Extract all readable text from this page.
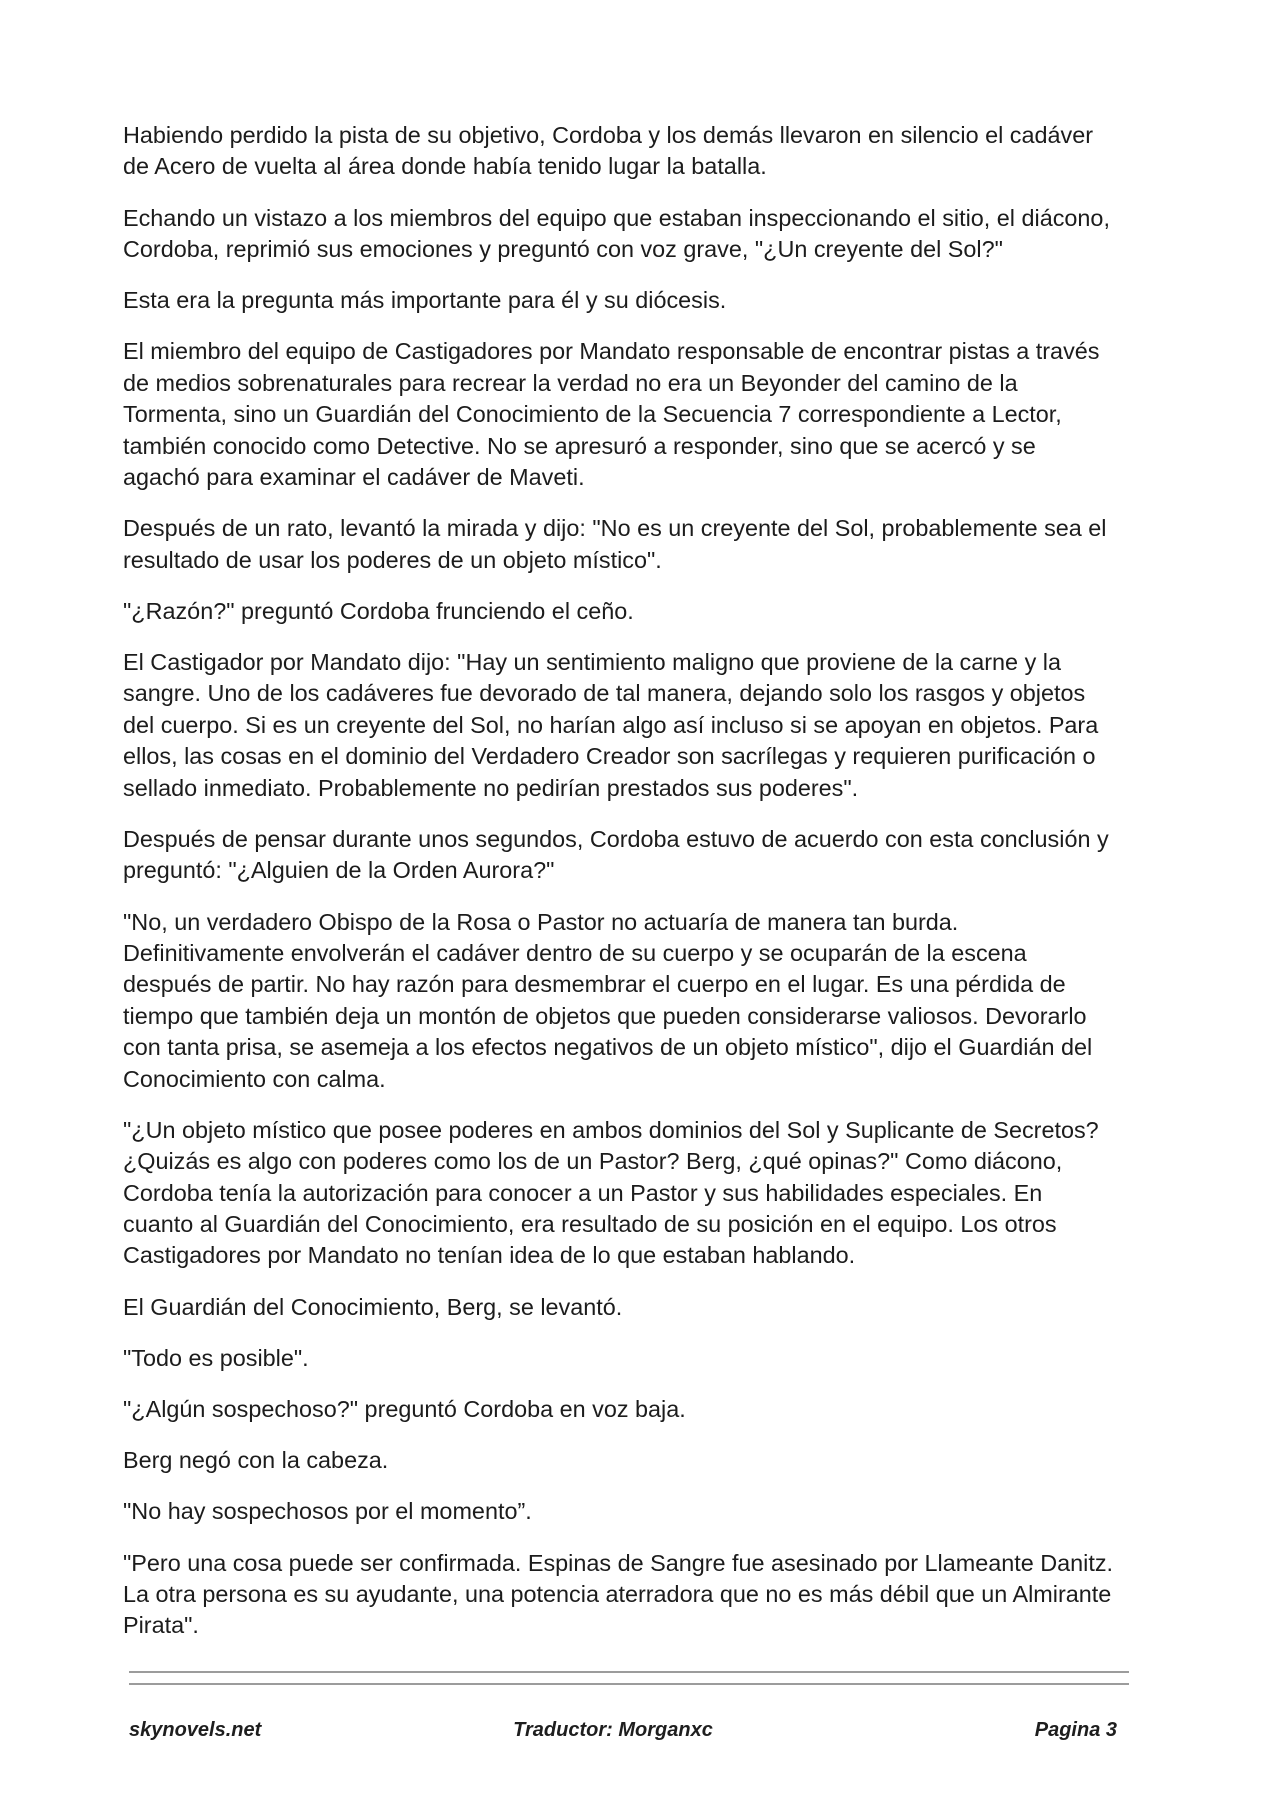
Habiendo perdido la pista de su objetivo, Cordoba y los demás llevaron en silencio el cadáver
de Acero de vuelta al área donde había tenido lugar la batalla.

Echando un vistazo a los miembros del equipo que estaban inspeccionando el sitio, el diácono,
Cordoba, reprimió sus emociones y preguntó con voz grave, "¿Un creyente del Sol?"

Esta era la pregunta más importante para él y su diócesis.

El miembro del equipo de Castigadores por Mandato responsable de encontrar pistas a través
de medios sobrenaturales para recrear la verdad no era un Beyonder del camino de la
Tormenta, sino un Guardián del Conocimiento de la Secuencia 7 correspondiente a Lector,
también conocido como Detective. No se apresuró a responder, sino que se acercó y se
agachó para examinar el cadáver de Maveti.

Después de un rato, levantó la mirada y dijo: "No es un creyente del Sol, probablemente sea el
resultado de usar los poderes de un objeto místico".

"¿Razón?" preguntó Cordoba frunciendo el ceño.

El Castigador por Mandato dijo: "Hay un sentimiento maligno que proviene de la carne y la
sangre. Uno de los cadáveres fue devorado de tal manera, dejando solo los rasgos y objetos
del cuerpo. Si es un creyente del Sol, no harían algo así incluso si se apoyan en objetos. Para
ellos, las cosas en el dominio del Verdadero Creador son sacrílegas y requieren purificación o
sellado inmediato. Probablemente no pedirían prestados sus poderes".

Después de pensar durante unos segundos, Cordoba estuvo de acuerdo con esta conclusión y
preguntó: "¿Alguien de la Orden Aurora?"

"No, un verdadero Obispo de la Rosa o Pastor no actuaría de manera tan burda.
Definitivamente envolverán el cadáver dentro de su cuerpo y se ocuparán de la escena
después de partir. No hay razón para desmembrar el cuerpo en el lugar. Es una pérdida de
tiempo que también deja un montón de objetos que pueden considerarse valiosos. Devorarlo
con tanta prisa, se asemeja a los efectos negativos de un objeto místico", dijo el Guardián del
Conocimiento con calma.

"¿Un objeto místico que posee poderes en ambos dominios del Sol y Suplicante de Secretos?
¿Quizás es algo con poderes como los de un Pastor? Berg, ¿qué opinas?" Como diácono,
Cordoba tenía la autorización para conocer a un Pastor y sus habilidades especiales. En
cuanto al Guardián del Conocimiento, era resultado de su posición en el equipo. Los otros
Castigadores por Mandato no tenían idea de lo que estaban hablando.

El Guardián del Conocimiento, Berg, se levantó.

"Todo es posible".

"¿Algún sospechoso?" preguntó Cordoba en voz baja.

Berg negó con la cabeza.

"No hay sospechosos por el momento”.

"Pero una cosa puede ser confirmada. Espinas de Sangre fue asesinado por Llameante Danitz.
La otra persona es su ayudante, una potencia aterradora que no es más débil que un Almirante
Pirata".

skynovels.net	Traductor: Morganxc	Pagina 3
